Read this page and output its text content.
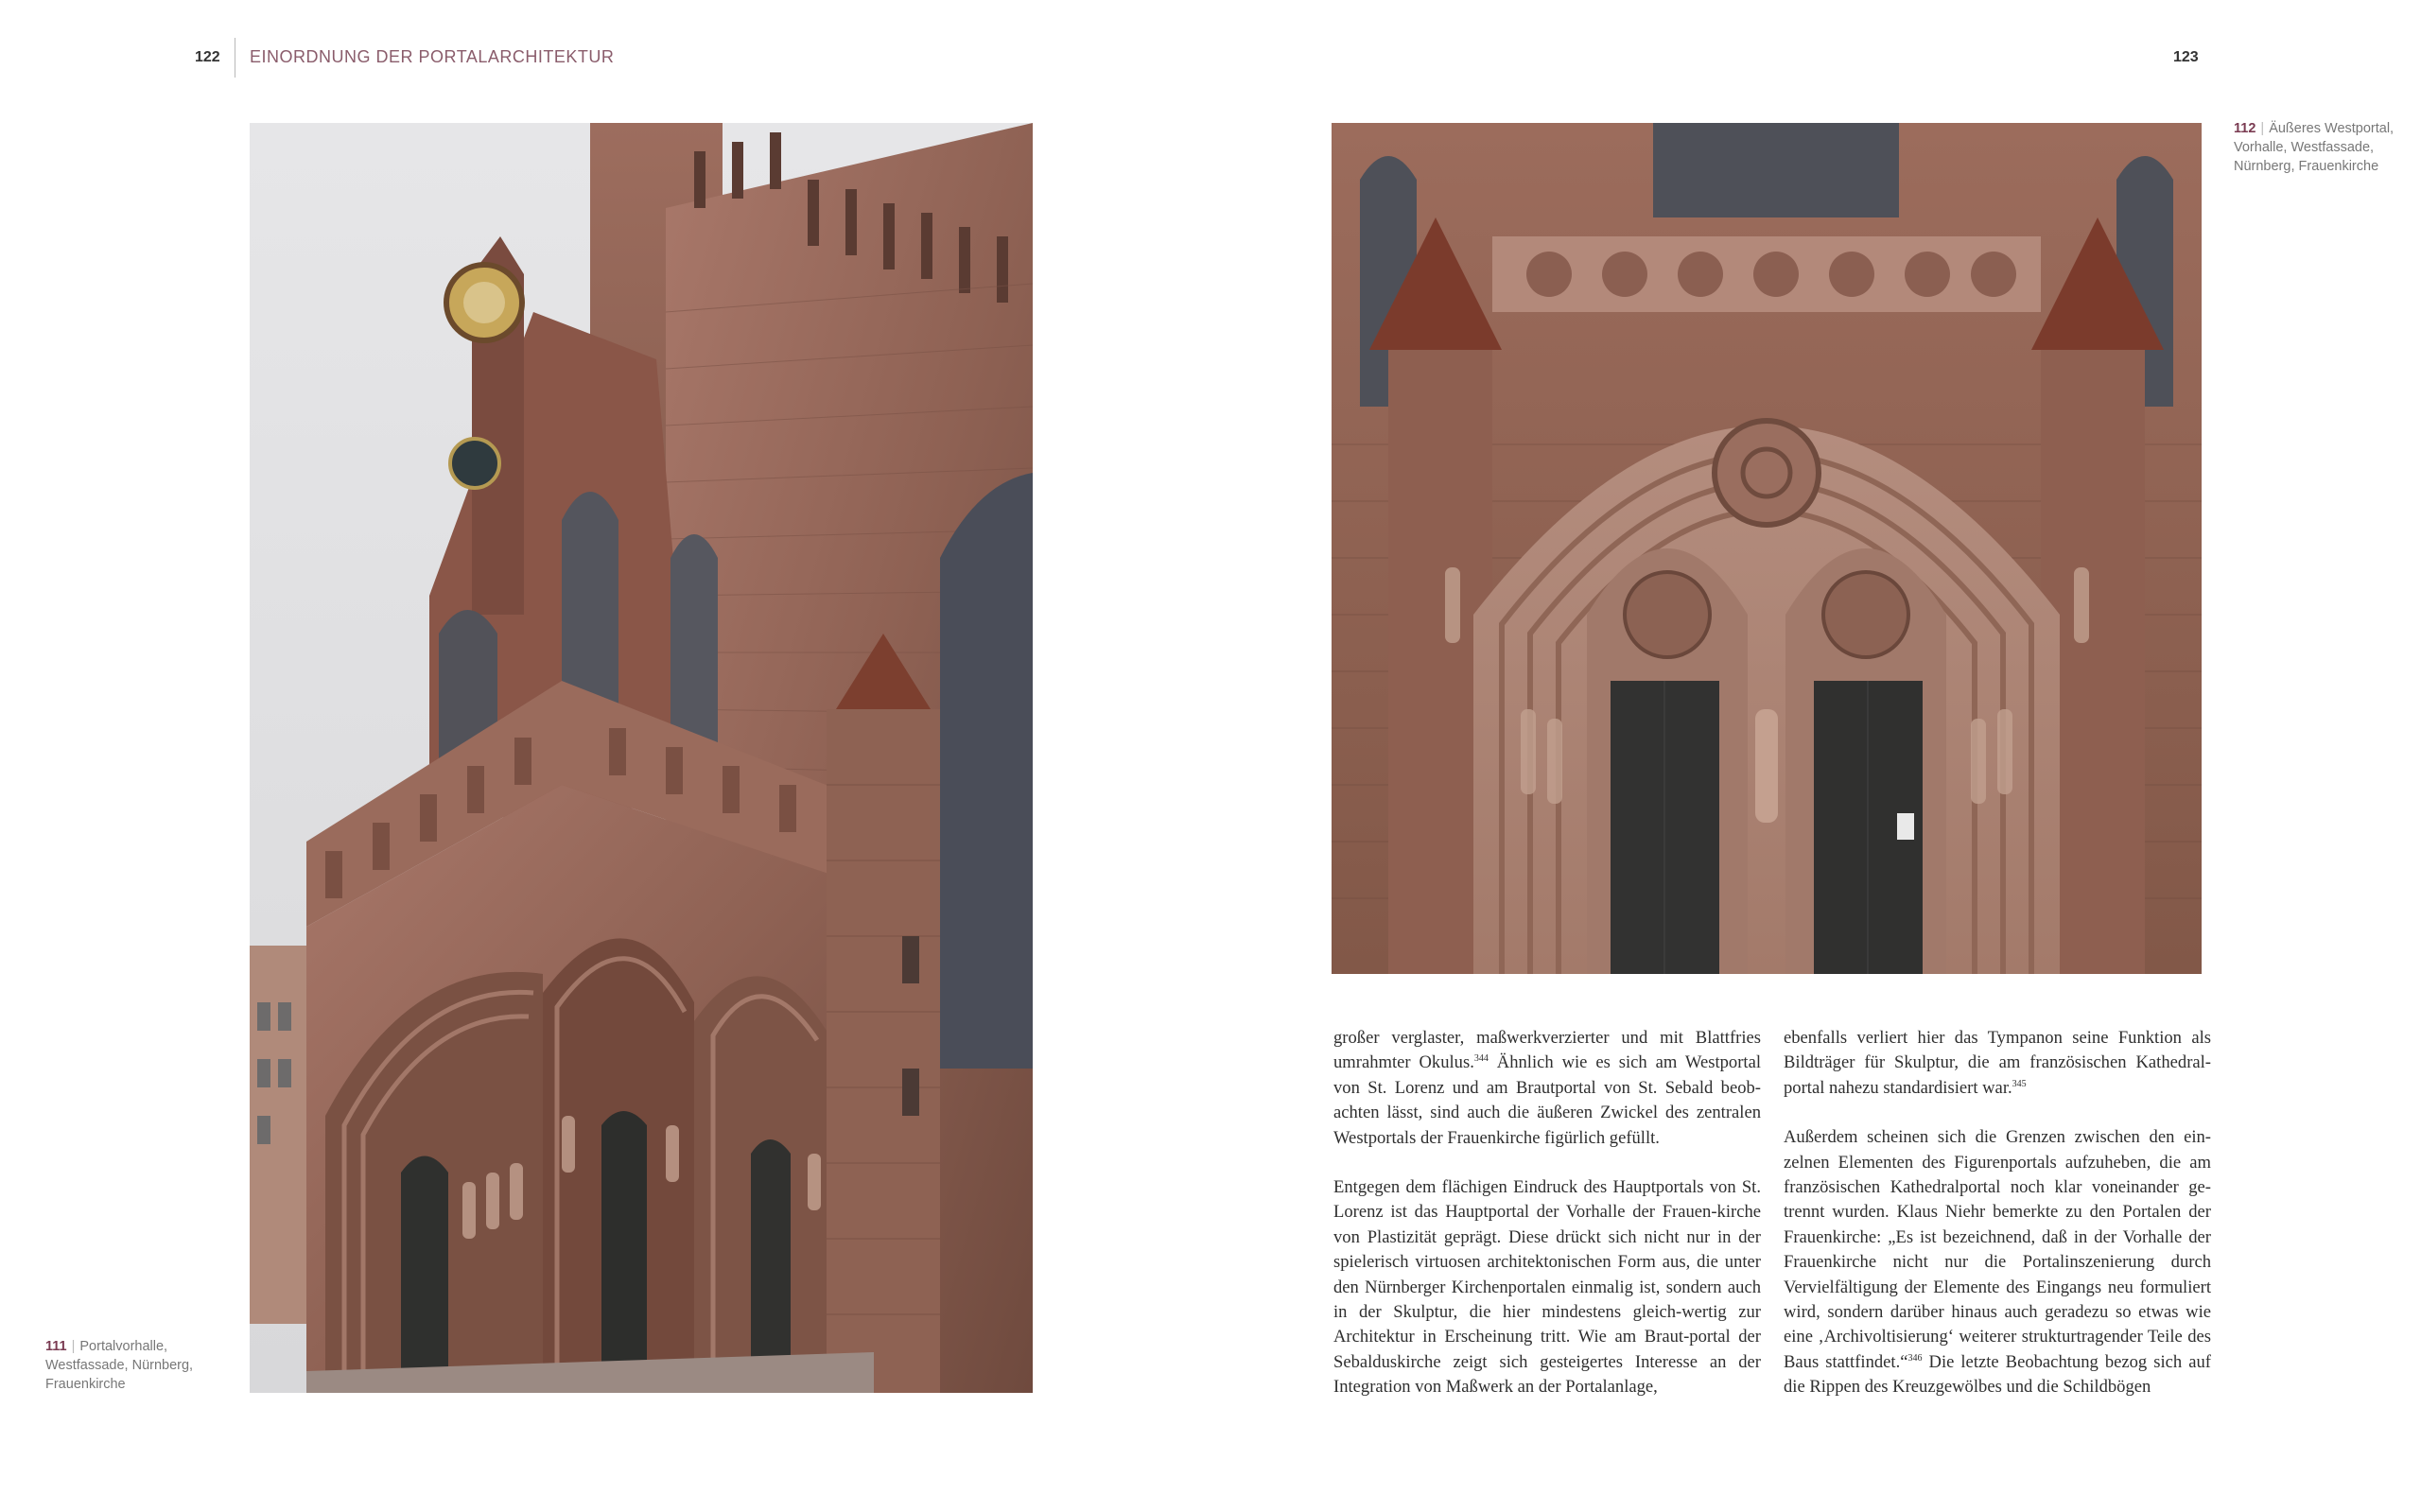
122 EINORDNUNG DER PORTALARCHITEKTUR	123
111 | Portalvorhalle,
Westfassade, Nürnberg,
Frauenkirche
112 | Äußeres Westportal,
Vorhalle, Westfassade,
Nürnberg, Frauenkirche

großer verglaster, maßwerkverzierter und mit Blattfries umrahmter Okulus.$^{344}$ Ähnlich wie es sich am Westportal von St. Lorenz und am Brautportal von St. Sebald beob-achten lässt, sind auch die äußeren Zwickel des zentralen Westportals der Frauenkirche figürlich gefüllt.

Entgegen dem flächigen Eindruck des Hauptportals von St. Lorenz ist das Hauptportal der Vorhalle der Frauen-kirche von Plastizität geprägt. Diese drückt sich nicht nur in der spielerisch virtuosen architektonischen Form aus, die unter den Nürnberger Kirchenportalen einmalig ist, sondern auch in der Skulptur, die hier mindestens gleich-wertig zur Architektur in Erscheinung tritt. Wie am Braut-portal der Sebalduskirche zeigt sich gesteigertes Interesse an der Integration von Maßwerk an der Portalanlage,

ebenfalls verliert hier das Tympanon seine Funktion als Bildträger für Skulptur, die am französischen Kathedral-portal nahezu standardisiert war.$^{345}$

Außerdem scheinen sich die Grenzen zwischen den ein-zelnen Elementen des Figurenportals aufzuheben, die am französischen Kathedralportal noch klar voneinander ge-trennt wurden. Klaus Niehr bemerkte zu den Portalen der Frauenkirche: „Es ist bezeichnend, daß in der Vorhalle der Frauenkirche nicht nur die Portalinszenierung durch Vervielfältigung der Elemente des Eingangs neu formuliert wird, sondern darüber hinaus auch geradezu so etwas wie eine ‚Archivoltisierung‘ weiterer strukturtragender Teile des Baus stattfindet.“$^{346}$ Die letzte Beobachtung bezog sich auf die Rippen des Kreuzgewölbes und die Schildbögen
